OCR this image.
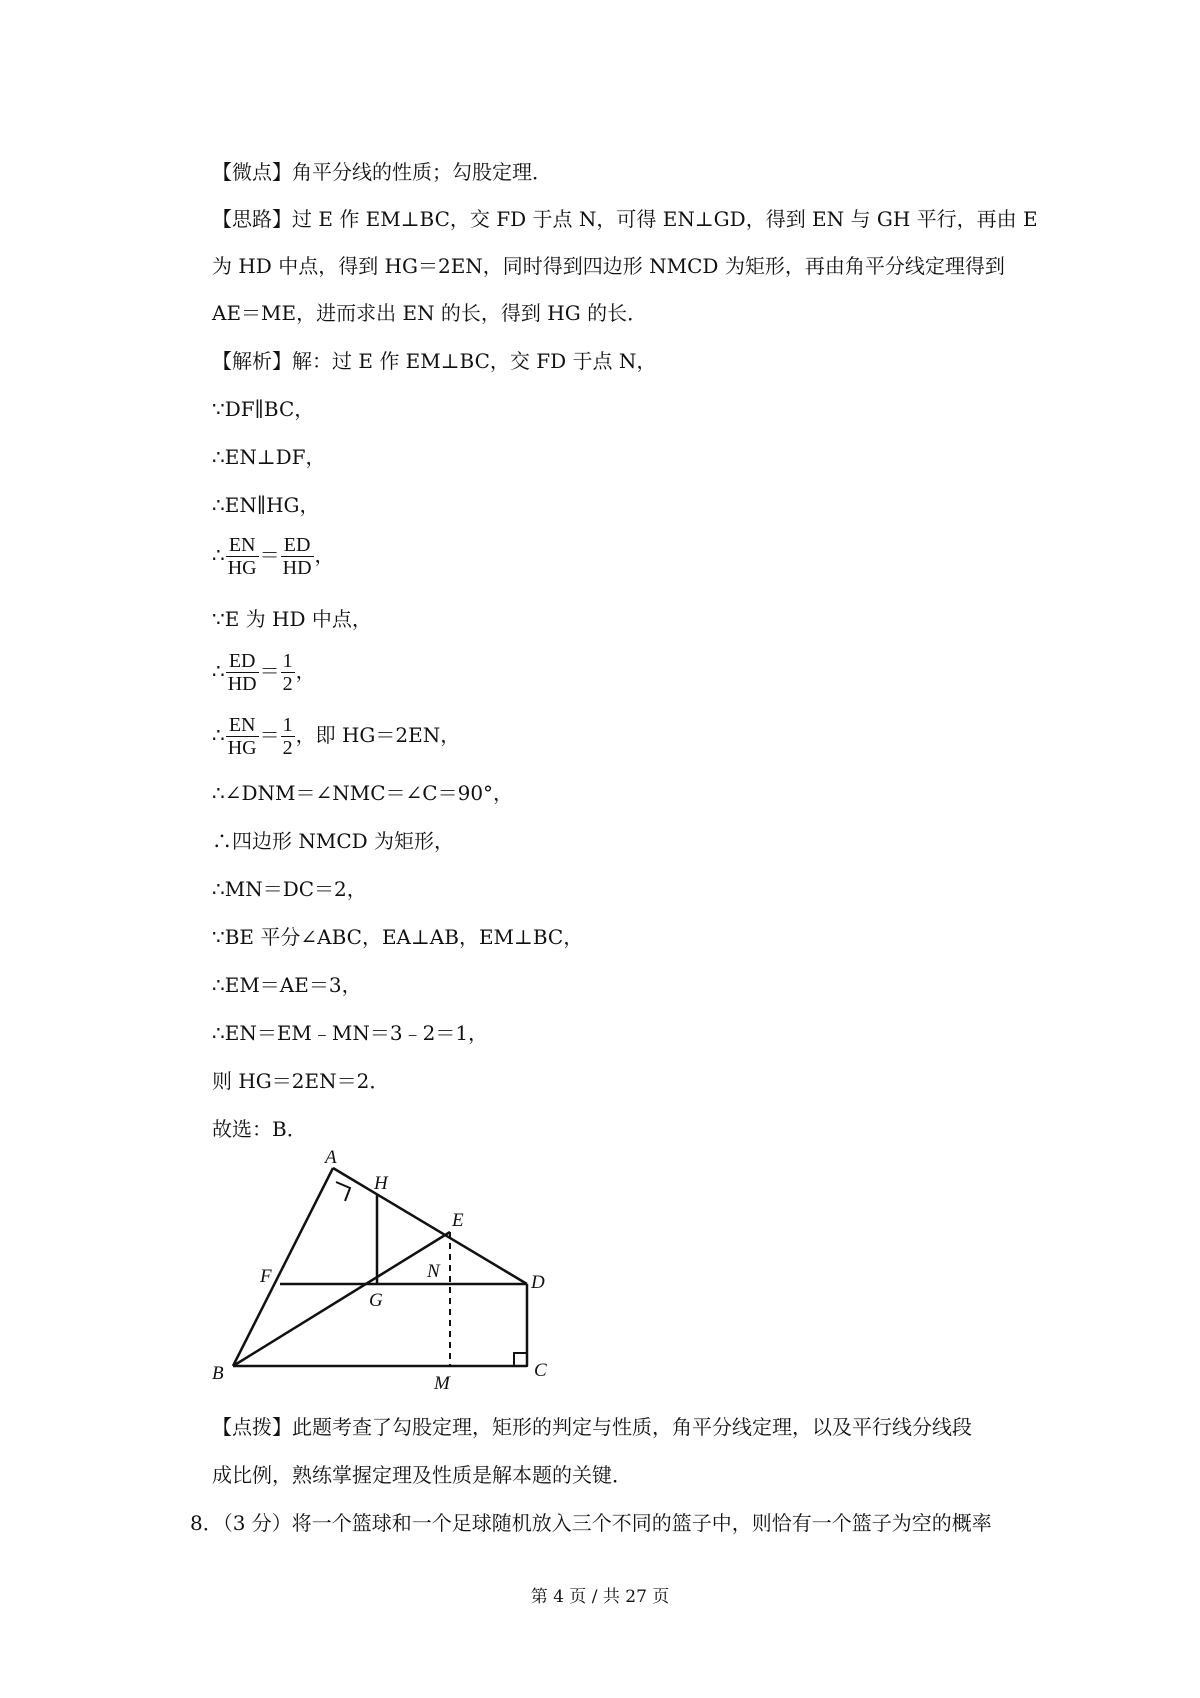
【微点】角平分线的性质；勾股定理．
【思路】过 E 作 EM⊥BC，交 FD 于点 N，可得 EN⊥GD，得到 EN 与 GH 平行，再由 E
为 HD 中点，得到 HG＝2EN，同时得到四边形 NMCD 为矩形，再由角平分线定理得到
AE＝ME，进而求出 EN 的长，得到 HG 的长．
【解析】解：过 E 作 EM⊥BC，交 FD 于点 N，
∵DF∥BC，
∴EN⊥DF，
∴EN∥HG，
∴ $\frac{EN}{HG} = \frac{ED}{HD}$ ，
∵E 为 HD 中点，
∴ $\frac{ED}{HD} = \frac{1}{2}$ ，
∴ $\frac{EN}{HG} = \frac{1}{2}$ ，即 HG＝2EN，
∴∠DNM＝∠NMC＝∠C＝90°，
∴四边形 NMCD 为矩形，
∴MN＝DC＝2，
∵BE 平分∠ABC，EA⊥AB，EM⊥BC，
∴EM＝AE＝3，
∴EN＝EM﹣MN＝3﹣2＝1，
则 HG＝2EN＝2．
故选：B．
A
H
E
F	N
G
D
B	M
C
【点拨】此题考查了勾股定理，矩形的判定与性质，角平分线定理，以及平行线分线段
成比例，熟练掌握定理及性质是解本题的关键．
8．（3 分）将一个篮球和一个足球随机放入三个不同的篮子中，则恰有一个篮子为空的概率
第 4 页 / 共 27 页
